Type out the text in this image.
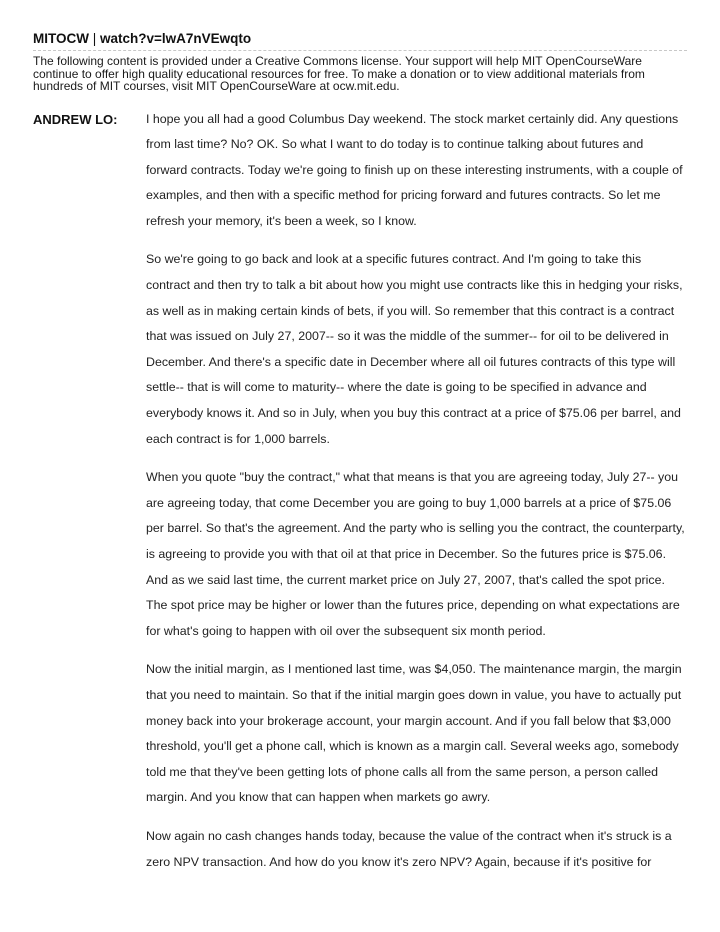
MITOCW | watch?v=lwA7nVEwqto
The following content is provided under a Creative Commons license. Your support will help MIT OpenCourseWare continue to offer high quality educational resources for free. To make a donation or to view additional materials from hundreds of MIT courses, visit MIT OpenCourseWare at ocw.mit.edu.
ANDREW LO: I hope you all had a good Columbus Day weekend. The stock market certainly did. Any questions from last time? No? OK. So what I want to do today is to continue talking about futures and forward contracts. Today we're going to finish up on these interesting instruments, with a couple of examples, and then with a specific method for pricing forward and futures contracts. So let me refresh your memory, it's been a week, so I know.

So we're going to go back and look at a specific futures contract. And I'm going to take this contract and then try to talk a bit about how you might use contracts like this in hedging your risks, as well as in making certain kinds of bets, if you will. So remember that this contract is a contract that was issued on July 27, 2007-- so it was the middle of the summer-- for oil to be delivered in December. And there's a specific date in December where all oil futures contracts of this type will settle-- that is will come to maturity-- where the date is going to be specified in advance and everybody knows it. And so in July, when you buy this contract at a price of $75.06 per barrel, and each contract is for 1,000 barrels.

When you quote "buy the contract," what that means is that you are agreeing today, July 27-- you are agreeing today, that come December you are going to buy 1,000 barrels at a price of $75.06 per barrel. So that's the agreement. And the party who is selling you the contract, the counterparty, is agreeing to provide you with that oil at that price in December. So the futures price is $75.06. And as we said last time, the current market price on July 27, 2007, that's called the spot price. The spot price may be higher or lower than the futures price, depending on what expectations are for what's going to happen with oil over the subsequent six month period.

Now the initial margin, as I mentioned last time, was $4,050. The maintenance margin, the margin that you need to maintain. So that if the initial margin goes down in value, you have to actually put money back into your brokerage account, your margin account. And if you fall below that $3,000 threshold, you'll get a phone call, which is known as a margin call. Several weeks ago, somebody told me that they've been getting lots of phone calls all from the same person, a person called margin. And you know that can happen when markets go awry.

Now again no cash changes hands today, because the value of the contract when it's struck is a zero NPV transaction. And how do you know it's zero NPV? Again, because if it's positive for
